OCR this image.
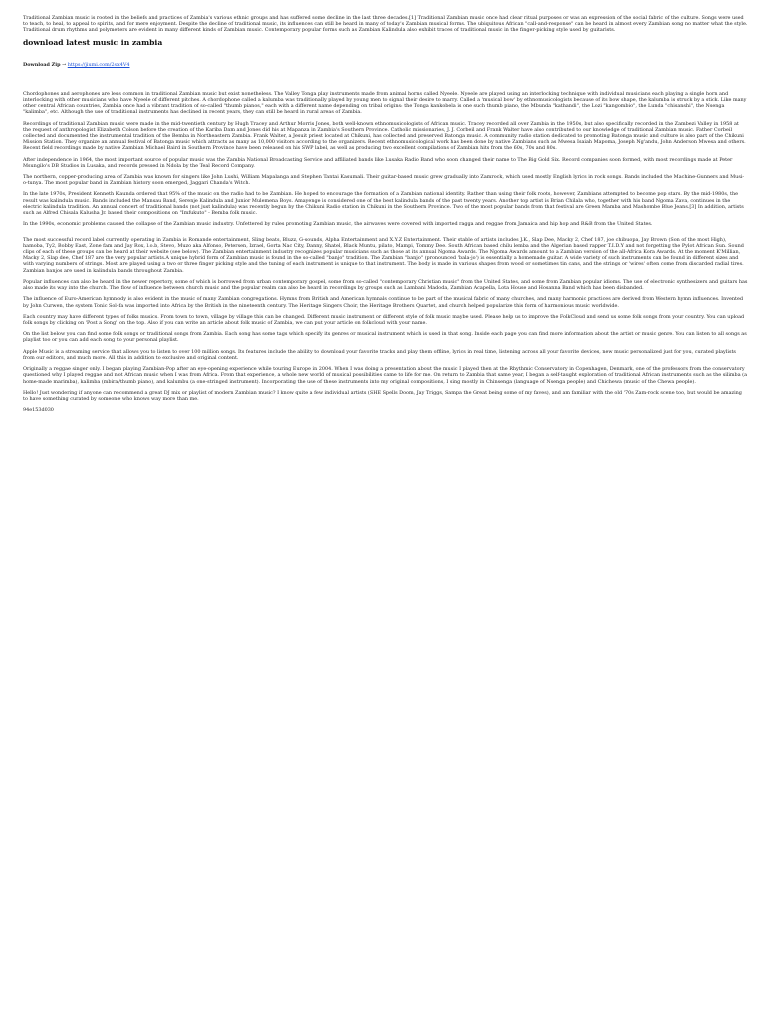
Traditional Zambian music is rooted in the beliefs and practices of Zambia's various ethnic groups and has suffered some decline in the last three decades.[1] Traditional Zambian music once had clear ritual purposes or was an expression of the social fabric of the culture. Songs were used to teach, to heal, to appeal to spirits, and for mere enjoyment. Despite the decline of traditional music, its influences can still be heard in many of today's Zambian musical forms. The ubiquitous African "call-and-response" can be heard in almost every Zambian song no matter what the style. Traditional drum rhythms and polymeters are evident in many different kinds of Zambian music. Contemporary popular forms such as Zambian Kalindula also exhibit traces of traditional music in the finger-picking style used by guitarists.

download latest music in zambia
Download Zip → https://jiumi.com/2sx4V4

Chordophones and aerophones are less common in traditional Zambian music but exist nonetheless. The Valley Tonga play instruments made from animal horns called Nyeele. Nyeele are played using an interlocking technique with individual musicians each playing a single horn and interlocking with other musicians who have Nyeele of different pitches. A chordophone called a kalumba was traditionally played by young men to signal their desire to marry. Called a 'musical bow' by ethnomusicologists because of its bow shape, the kalumba is struck by a stick. Like many other central African countries, Zambia once had a vibrant tradition of so-called "thumb pianos," each with a different name depending on tribal origins: the Tonga kankobela is one such thumb piano, the Mbunda "kathandi", the Lozi "kangombio", the Lunda "chisanshi", the Nsenga "kalimba", etc. Although the use of traditional instruments has declined in recent years, they can still be heard in rural areas of Zambia.

Recordings of traditional Zambian music were made in the mid-twentieth century by Hugh Tracey and Arthur Morris Jones, both well-known ethnomusicologists of African music. Tracey recorded all over Zambia in the 1950s, but also specifically recorded in the Zambezi Valley in 1958 at the request of anthropologist Elizabeth Colson before the creation of the Kariba Dam and Jones did his at Mapanza in Zambia's Southern Province. Catholic missionaries, J. J. Corbeil and Frank Walter have also contributed to our knowledge of traditional Zambian music. Father Corbeil collected and documented the instrumental tradition of the Bemba in Northeastern Zambia. Frank Walter, a Jesuit priest located at Chikuni, has collected and preserved Batonga music. A community radio station dedicated to promoting Batonga music and culture is also part of the Chikuni Mission Station. They organize an annual festival of Batonga music which attracts as many as 10,000 visitors according to the organizers. Recent ethnomusicological work has been done by native Zambians such as Mwesa Isaiah Mapoma, Joseph Ng'andu, John Anderson Mwesa and others. Recent field recordings made by native Zambian Michael Baird in Southern Province have been released on his SWP label, as well as producing two excellent compilations of Zambian hits from the 60s, 70s and 80s.

After independence in 1964, the most important source of popular music was the Zambia National Broadcasting Service and affiliated bands like Lusaka Radio Band who soon changed their name to The Big Gold Six. Record companies soon formed, with most recordings made at Peter Msungilo's DB Studios in Lusaka, and records pressed in Ndola by the Teal Record Company.

The northern, copper-producing area of Zambia was known for singers like John Lushi, William Mapalanga and Stephen Tantai Kasumali. Their guitar-based music grew gradually into Zamrock, which used mostly English lyrics in rock songs. Bands included the Machine-Gunners and Musi-o-tunya. The most popular band in Zambian history soon emerged, Jaggari Chanda's Witch.

In the late 1970s, President Kenneth Kaunda ordered that 95% of the music on the radio had to be Zambian. He hoped to encourage the formation of a Zambian national identity. Rather than using their folk roots, however, Zambians attempted to become pop stars. By the mid-1980s, the result was kalindula music. Bands included the Mansau Band, Serenje Kalindula and Junior Mulemena Boys. Amayenge is considered one of the best kalindula bands of the past twenty years. Another top artist is Brian Chilala who, together with his band Ngoma Zava, continues in the electric kalindula tradition. An annual concert of traditional bands (not just kalindula) was recently begun by the Chikuni Radio station in Chikuni in the Southern Province. Two of the most popular bands from that festival are Green Mamba and Mashombe Blue Jeans.[3] In addition, artists such as Alfred Chisala Kalusha Jr. based their compositions on "Imfukuto" - Bemba folk music.

In the 1990s, economic problems caused the collapse of the Zambian music industry. Unfettered by rules promoting Zambian music, the airwaves were covered with imported ragga and reggae from Jamaica and hip hop and R&B from the United States.

The most successful record label currently operating in Zambia is Romande entertainment, Sling beats, Bluzz, G-sounds, Alpha Entertainment and X.Y.Z Entertainment. Their stable of artists includes J.K., Slap Dee, Macky 2, Chef 187, joe chibuopa, Jay Brown (Son of the most High), hamoba, Ty2, Bobby East, Zone fam and Jay Rox, l.o.b, Stevo, Muzo aka Alfonso, Petersen, Izrael, Gorta Nac City, Danny, Shatel, Black Muntu, pilato, Mampi, Tommy Dee. South African based chilu lemba and the Algerian based rapper T.I.D.Y and not forgetting the Pylot African Sun. Sound clips of each of these groups can be heard at their website (see below). The Zambian entertainment industry recognizes popular musicians such as those at its annual Ngoma Awards. The Ngoma Awards amount to a Zambian version of the all-Africa Kora Awards. At the moment K'Millian, Macky 2, Slap dee, Chef 187 are the very popular artists.A unique hybrid form of Zambian music is found in the so-called "banjo" tradition. The Zambian "banjo" (pronounced 'bala-jo') is essentially a homemade guitar. A wide variety of such instruments can be found in different sizes and with varying numbers of strings. Most are played using a two or three finger picking style and the tuning of each instrument is unique to that instrument. The body is made in various shapes from wood or sometimes tin cans, and the strings or 'wires' often come from discarded radial tires. Zambian banjos are used in kalindula bands throughout Zambia.

Popular influences can also be heard in the newer repertory, some of which is borrowed from urban contemporary gospel, some from so-called "contemporary Christian music" from the United States, and some from Zambian popular idioms. The use of electronic synthesizers and guitars has also made its way into the church. The flow of influence between church music and the popular realm can also be heard in recordings by groups such as Lambani Madoda, Zambian Acapella, Lota House and Hosanna Band which has been disbanded.

The influence of Euro-American hymnody is also evident in the music of many Zambian congregations. Hymns from British and American hymnals continue to be part of the musical fabric of many churches, and many harmonic practices are derived from Western hymn influences. Invented by John Curwen, the system Tonic Sol-fa was imported into Africa by the British in the nineteenth century. The Heritage Singers Choir, the Heritage Brothers Quartet, and church helped popularize this form of harmonious music worldwide.

Each country may have different types of folks musics. From town to town, village by village this can be changed. Different music instrument or different style of folk music maybe used. Please help us to improve the FolkCloud and send us some folk songs from your country. You can upload folk songs by clicking on 'Post a Song' on the top. Also if you can write an article about folk music of Zambia, we can put your article on folkcloud with your name.

On the list below you can find some folk songs or traditional songs from Zambia. Each song has some tags which specify its genres or musical instrument which is used in that song. Inside each page you can find more information about the artist or music genre. You can listen to all songs as playlist too or you can add each song to your personal playlist.

Apple Music is a streaming service that allows you to listen to over 100 million songs. Its features include the ability to download your favorite tracks and play them offline, lyrics in real time, listening across all your favorite devices, new music personalized just for you, curated playlists from our editors, and much more. All this in addition to exclusive and original content.

Originally a reggae singer only. I began playing Zambian-Pop after an eye-opening experience while touring Europe in 2004. When I was doing a presentation about the music I played then at the Rhythmic Conservatory in Copenhagen, Denmark, one of the professors from the conservatory questioned why I played reggae and not African music when I was from Africa. From that experience, a whole new world of musical possibilities came to life for me. On return to Zambia that same year, I began a self-taught exploration of traditional African instruments such as the silimba (a home-made marimba), kalimba (mbira/thumb piano), and kalumbu (a one-stringed instrument). Incorporating the use of these instruments into my original compositions, I sing mostly in Chinsenga (language of Nsenga people) and Chichewa (music of the Chewa people).

Hello! Just wondering if anyone can recommend a great DJ mix or playlist of modern Zambian music? I know quite a few individual artists (SHE Spells Doom, Jay Triggs, Sampa the Great being some of my faves), and am familiar with the old '70s Zam-rock scene too, but would be amazing to have something curated by someone who knows way more than me.

94e153d030
